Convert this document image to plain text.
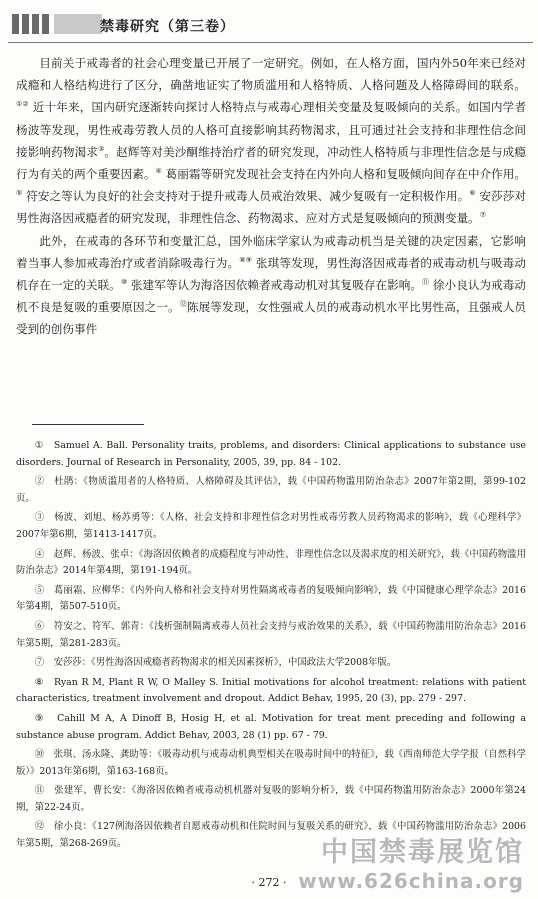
禁毒研究（第三卷）

目前关于戒毒者的社会心理变量已开展了一定研究。例如，在人格方面，国内外50年来已经对成瘾和人格结构进行了区分，确凿地证实了物质滥用和人格特质、人格问题及人格障碍间的联系。①② 近十年来，国内研究逐渐转向探讨人格特点与戒毒心理相关变量及复吸倾向的关系。如国内学者杨波等发现，男性戒毒劳教人员的人格可直接影响其药物渴求，且可通过社会支持和非理性信念间接影响药物渴求③。赵辉等对美沙酮维持治疗者的研究发现，冲动性人格特质与非理性信念是与成瘾行为有关的两个重要因素。④ 葛丽霜等研究发现社会支持在内外向人格和复吸倾向间存在中介作用。⑤ 符安之等认为良好的社会支持对于提升戒毒人员戒治效果、减少复吸有一定积极作用。⑥ 安莎莎对男性海洛因戒瘾者的研究发现，非理性信念、药物渴求、应对方式是复吸倾向的预测变量。⑦

此外，在戒毒的各环节和变量汇总，国外临床学家认为戒毒动机当是关键的决定因素，它影响着当事人参加戒毒治疗或者消除吸毒行为。⑧⑨ 张琪等发现，男性海洛因戒毒者的戒毒动机与吸毒动机存在一定的关联。⑩ 张建军等认为海洛因依赖者戒毒动机对其复吸存在影响。⑪ 徐小良认为戒毒动机不良是复吸的重要原因之一。⑫陈展等发现，女性强戒人员的戒毒动机水平比男性高，且强戒人员受到的创伤事件

①　 Samuel A. Ball. Personality traits, problems, and disorders: Clinical applications to substance use disorders. Journal of Research in Personality, 2005, 39, pp. 84 - 102.

②　 杜鹃：《物质滥用者的人格特质、人格障碍及其评估》，载《中国药物滥用防治杂志》2007年第2期，第99-102页。

③　 杨波、刘旭、杨苏勇等：《人格、社会支持和非理性信念对男性戒毒劳教人员药物渴求的影响》，载《心理科学》2007年第6期，第1413-1417页。

④　 赵辉、杨波、张卓：《海洛因依赖者的成瘾程度与冲动性、非理性信念以及渴求度的相关研究》，载《中国药物滥用防治杂志》2014年第4期，第191-194页。

⑤　 葛丽霜、应柳华：《内外向人格和社会支持对男性隔离戒毒者的复吸倾向影响》，载《中国健康心理学杂志》2016年第4期，第507-510页。

⑥　 符安之、符军、郭青：《浅析强制隔离戒毒人员社会支持与戒治效果的关系》，载《中国药物滥用防治杂志》2016年第5期，第281-283页。

⑦　 安莎莎：《男性海洛因戒瘾者药物渴求的相关因素探析》，中国政法大学2008年版。

⑧　 Ryan R M, Plant R W, O Malley S. Initial motivations for alcohol treatment: relations with patient characteristics, treatment involvement and dropout. Addict Behav, 1995, 20 (3), pp. 279 - 297.

⑨　 Cahill M A, A Dinoff B, Hosig H, et al. Motivation for treat ment preceding and following a substance abuse program. Addict Behav, 2003, 28 (1) pp. 67 - 79.

⑩　 张琪、汤永隆、龚助等：《吸毒动机与戒毒动机典型相关在吸毒时间中的特征》，载《西南师范大学学报（自然科学版）》2013年第6期，第163-168页。

⑪　 张建军、曹长安：《海洛因依赖者戒毒动机机器对复吸的影响分析》，载《中国药物滥用防治杂志》2000年第24期，第22-24页。

⑫　 徐小良：《127例海洛因依赖者自愿戒毒动机和住院时间与复吸关系的研究》，载《中国药物滥用防治杂志》2006年第5期，第268-269页。

· 272 ·
中国禁毒展览馆
www.626china.org
